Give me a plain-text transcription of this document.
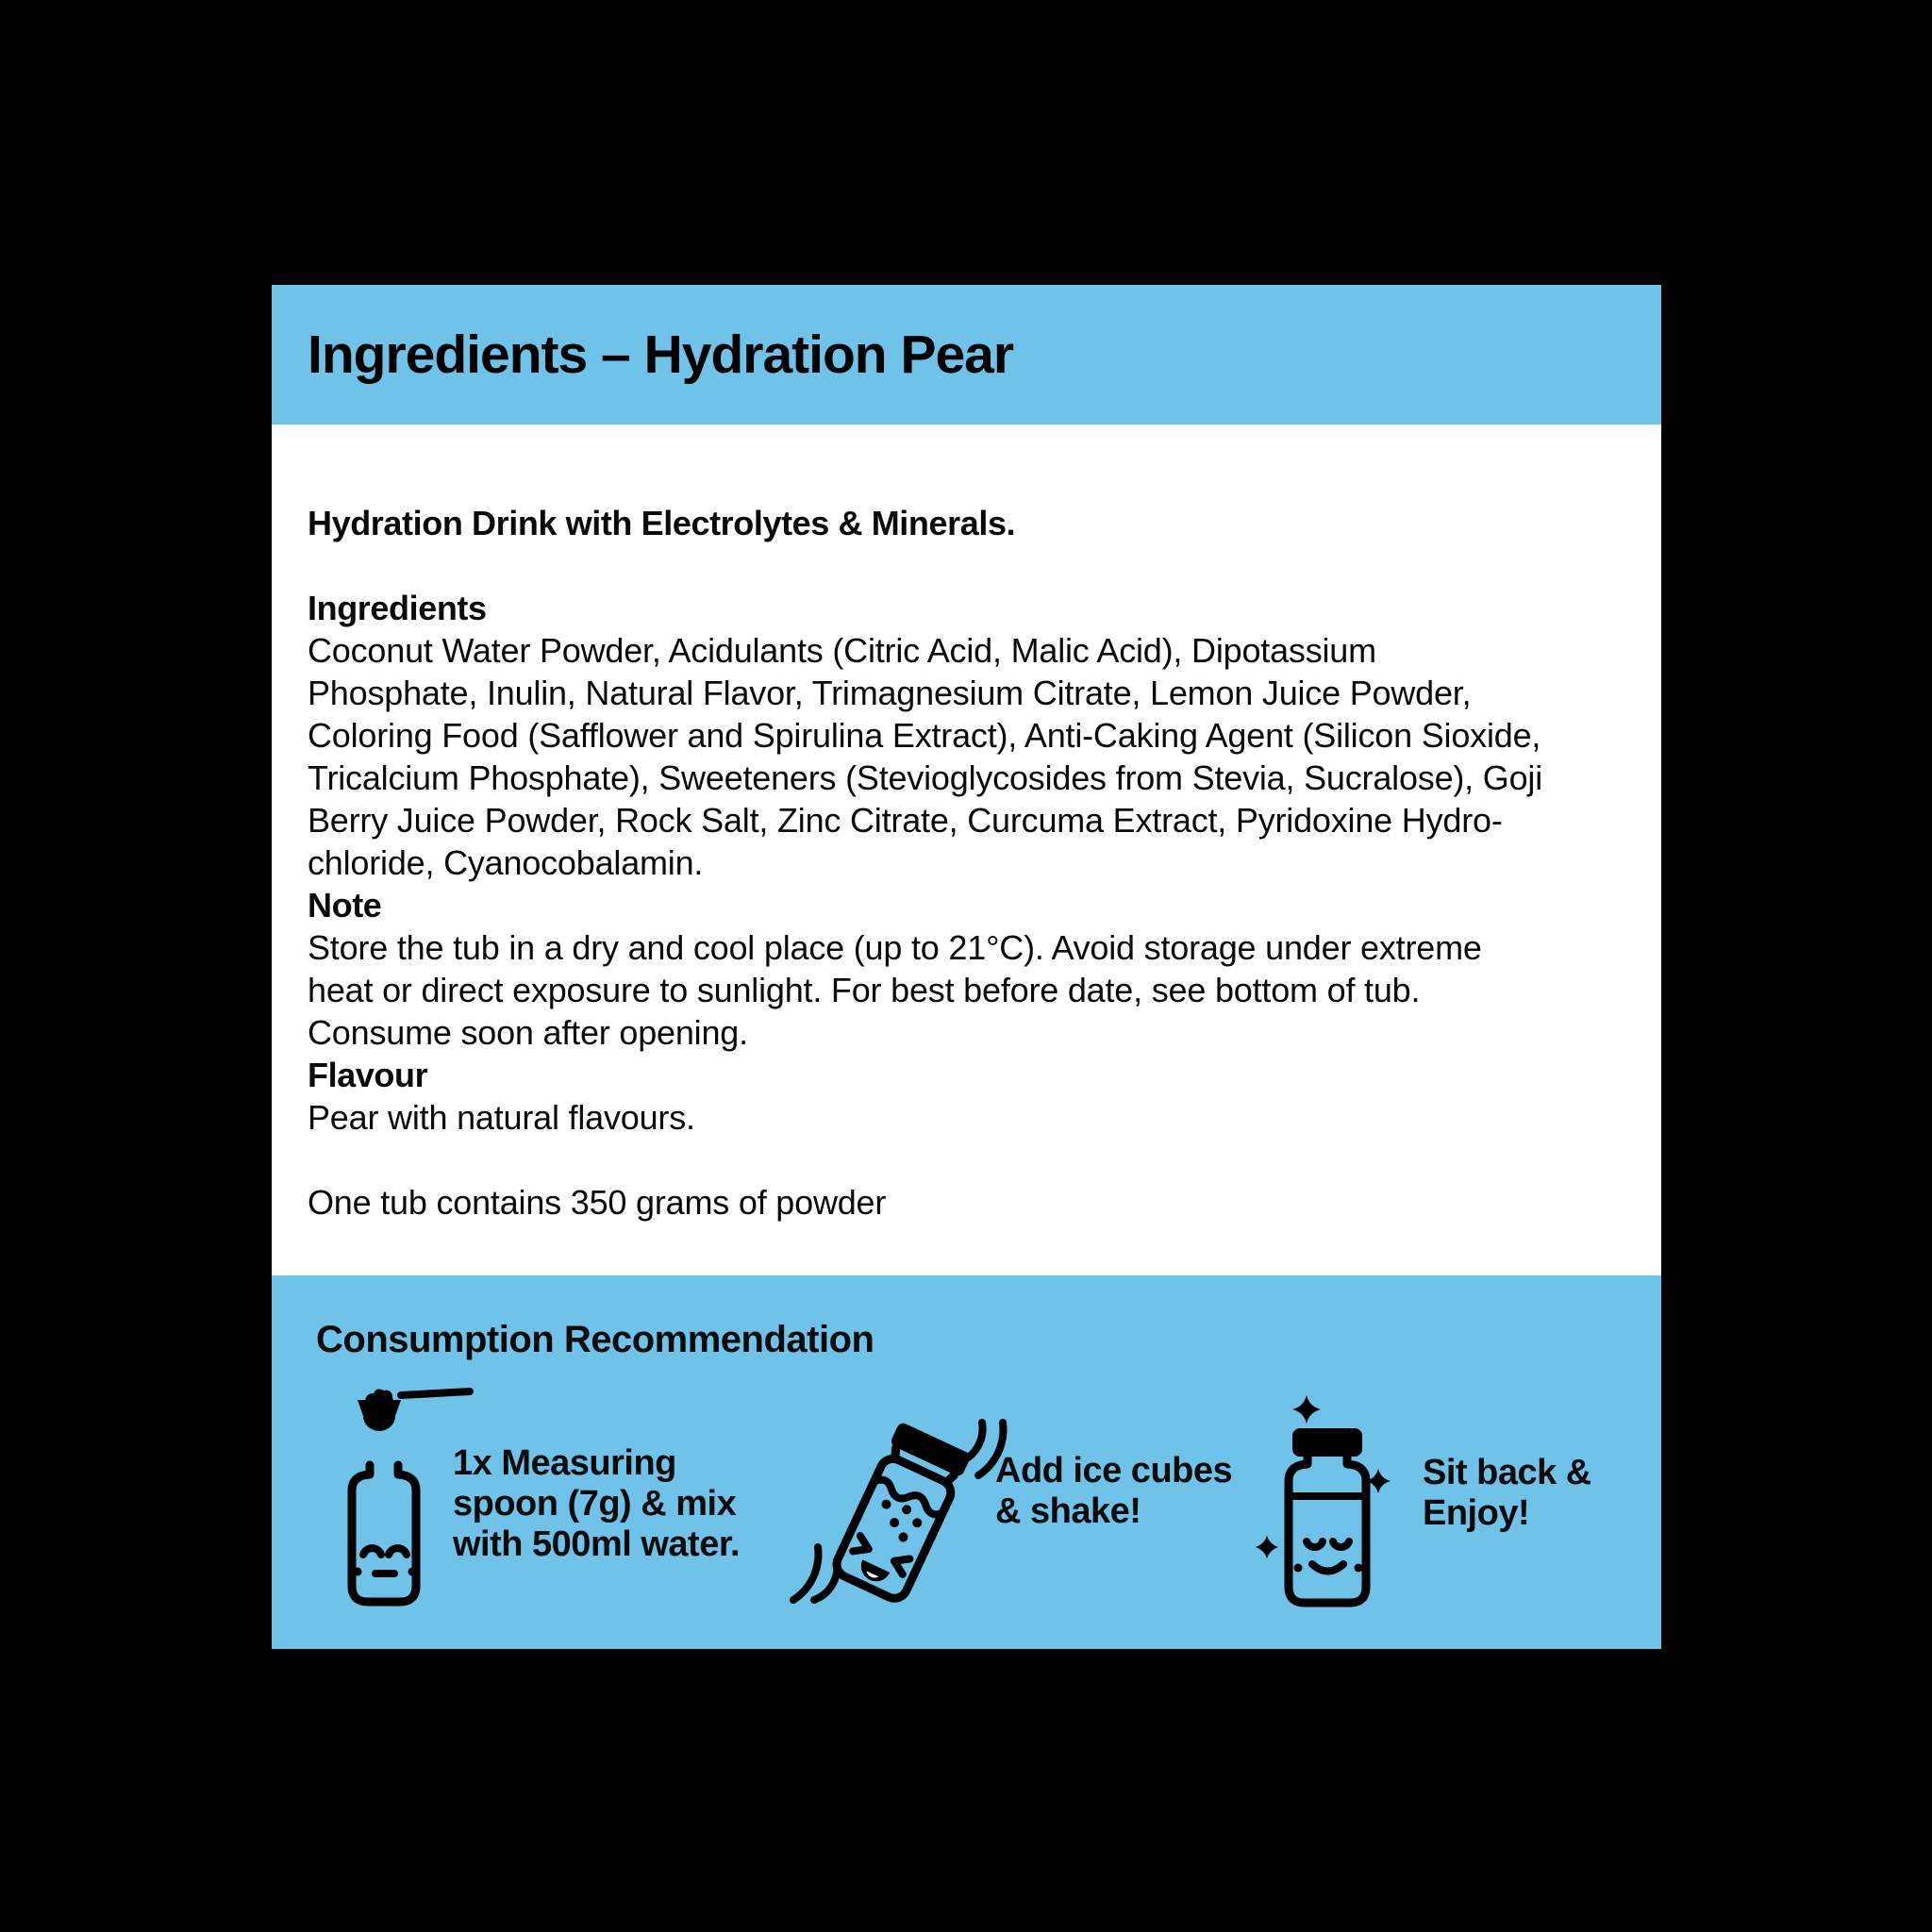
Ingredients – Hydration Pear
Hydration Drink with Electrolytes & Minerals.
Ingredients
Coconut Water Powder, Acidulants (Citric Acid, Malic Acid), Dipotassium
Phosphate, Inulin, Natural Flavor, Trimagnesium Citrate, Lemon Juice Powder,
Coloring Food (Safflower and Spirulina Extract), Anti-Caking Agent (Silicon Sioxide,
Tricalcium Phosphate), Sweeteners (Stevioglycosides from Stevia, Sucralose), Goji
Berry Juice Powder, Rock Salt, Zinc Citrate, Curcuma Extract, Pyridoxine Hydro-
chloride, Cyanocobalamin.
Note
Store the tub in a dry and cool place (up to 21°C). Avoid storage under extreme
heat or direct exposure to sunlight. For best before date, see bottom of tub.
Consume soon after opening.
Flavour
Pear with natural flavours.
One tub contains 350 grams of powder
Consumption Recommendation
1x Measuring
spoon (7g) & mix
with 500ml water.
Add ice cubes
& shake!
Sit back &
Enjoy!
